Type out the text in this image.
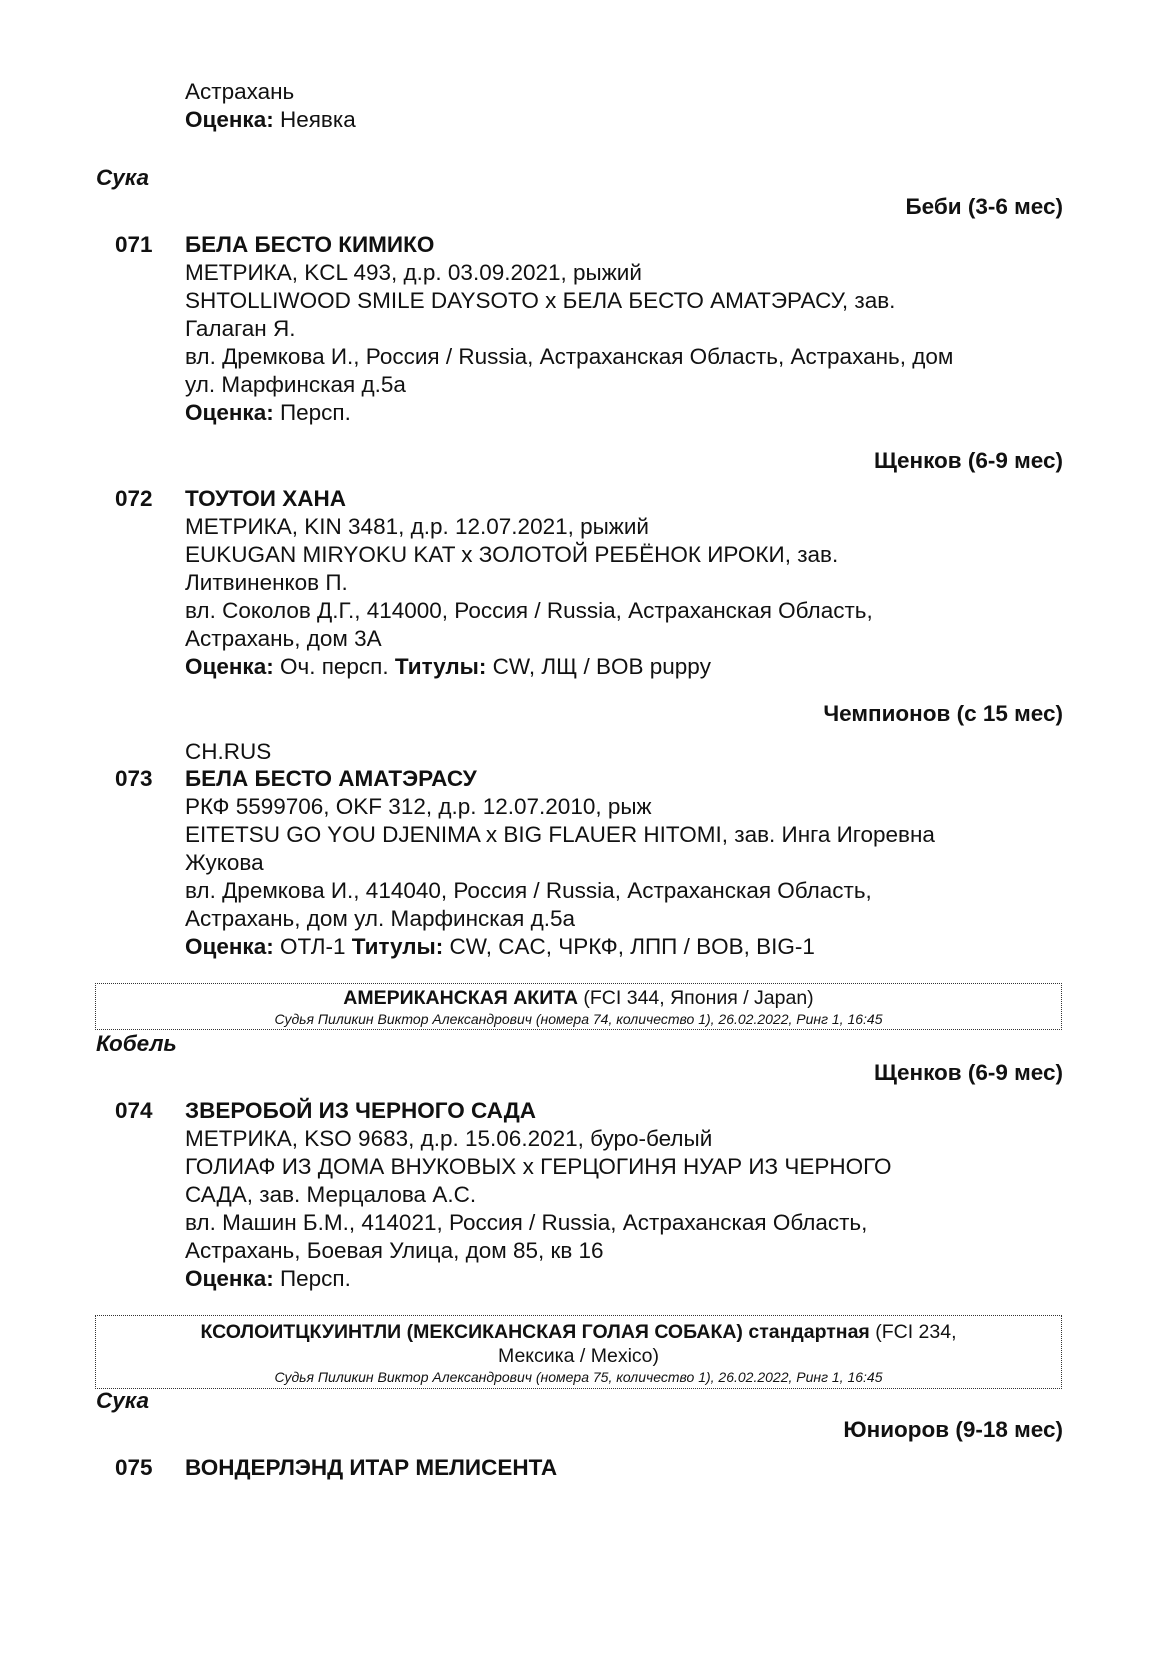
Астрахань
Оценка: Неявка
Сука
Беби (3-6 мес)
071 БЕЛА БЕСТО КИМИКО
МЕТРИКА, KCL 493, д.р. 03.09.2021, рыжий
SHTOLLIWOOD SMILE DAYSOTO x БЕЛА БЕСТО АМАТЭРАСУ, зав.
Галаган Я.
вл. Дремкова И., Россия / Russia, Астраханская Область, Астрахань, дом
ул. Марфинская д.5а
Оценка: Персп.
Щенков (6-9 мес)
072 ТОУТОИ ХАНА
МЕТРИКА, KIN 3481, д.р. 12.07.2021, рыжий
EUKUGAN MIRYOKU KAT x ЗОЛОТОЙ РЕБЁНОК ИРОКИ, зав.
Литвиненков П.
вл. Соколов Д.Г., 414000, Россия / Russia, Астраханская Область,
Астрахань, дом 3А
Оценка: Оч. персп. Титулы: CW, ЛЩ / BOB puppy
Чемпионов (с 15 мес)
CH.RUS
073 БЕЛА БЕСТО АМАТЭРАСУ
РКФ 5599706, OKF 312, д.р. 12.07.2010, рыж
EITETSU GO YOU DJENIMA x BIG FLAUER HITOMI, зав. Инга Игоревна
Жукова
вл. Дремкова И., 414040, Россия / Russia, Астраханская Область,
Астрахань, дом ул. Марфинская д.5а
Оценка: ОТЛ-1 Титулы: CW, CAC, ЧРКФ, ЛПП / BOB, BIG-1
АМЕРИКАНСКАЯ АКИТА (FCI 344, Япония / Japan)
Судья Пиликин Виктор Александрович (номера 74, количество 1), 26.02.2022, Ринг 1, 16:45
Кобель
Щенков (6-9 мес)
074 ЗВЕРОБОЙ ИЗ ЧЕРНОГО САДА
МЕТРИКА, KSO 9683, д.р. 15.06.2021, буро-белый
ГОЛИАФ ИЗ ДОМА ВНУКОВЫХ x ГЕРЦОГИНЯ НУАР ИЗ ЧЕРНОГО
САДА, зав. Мерцалова А.С.
вл. Машин Б.М., 414021, Россия / Russia, Астраханская Область,
Астрахань, Боевая Улица, дом 85, кв 16
Оценка: Персп.
КСОЛОИТЦКУИНТЛИ (МЕКСИКАНСКАЯ ГОЛАЯ СОБАКА) стандартная (FCI 234,
Мексика / Mexico)
Судья Пиликин Виктор Александрович (номера 75, количество 1), 26.02.2022, Ринг 1, 16:45
Сука
Юниоров (9-18 мес)
075 ВОНДЕРЛЭНД ИТАР МЕЛИСЕНТА
